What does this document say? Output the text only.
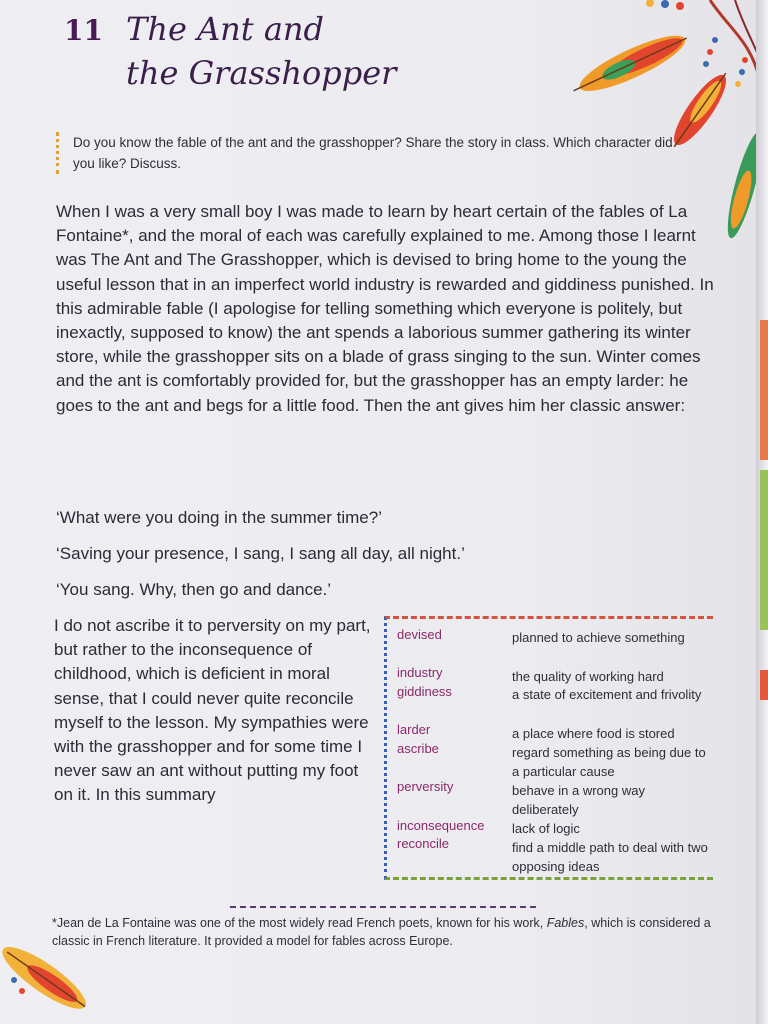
11 The Ant and
the Grasshopper
Do you know the fable of the ant and the grasshopper? Share the story in class. Which character did you like? Discuss.
When I was a very small boy I was made to learn by heart certain of the fables of La Fontaine*, and the moral of each was carefully explained to me. Among those I learnt was The Ant and The Grasshopper, which is devised to bring home to the young the useful lesson that in an imperfect world industry is rewarded and giddiness punished. In this admirable fable (I apologise for telling something which everyone is politely, but inexactly, supposed to know) the ant spends a laborious summer gathering its winter store, while the grasshopper sits on a blade of grass singing to the sun. Winter comes and the ant is comfortably provided for, but the grasshopper has an empty larder: he goes to the ant and begs for a little food. Then the ant gives him her classic answer:
‘What were you doing in the summer time?’
‘Saving your presence, I sang, I sang all day, all night.’
‘You sang. Why, then go and dance.’
I do not ascribe it to perversity on my part, but rather to the inconsequence of childhood, which is deficient in moral sense, that I could never quite reconcile myself to the lesson. My sympathies were with the grasshopper and for some time I never saw an ant without putting my foot on it. In this summary
devised	planned to achieve something
industry	the quality of working hard
giddiness	a state of excitement and frivolity
larder	a place where food is stored
ascribe	regard something as being due to a particular cause
perversity	behave in a wrong way deliberately
inconsequence lack of logic
reconcile	find a middle path to deal with two opposing ideas
*Jean de La Fontaine was one of the most widely read French poets, known for his work, Fables, which is considered a classic in French literature. It provided a model for fables across Europe.
